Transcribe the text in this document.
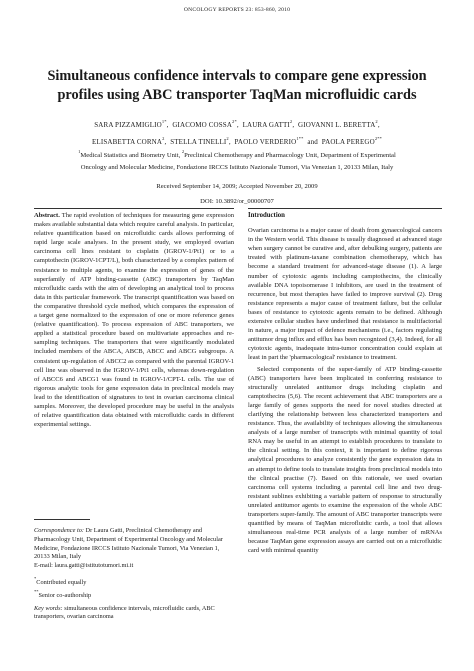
ONCOLOGY REPORTS 23: 853-860, 2010
Simultaneous confidence intervals to compare gene expression
profiles using ABC transporter TaqMan microfluidic cards
SARA $PIZZAMIGLIO^{1*}$,  GIACOMO $COSSA^{2*}$,  LAURA GATTI$^2$,  GIOVANNI L. BERETTA$^2$,
ELISABETTA CORNA$^2$,  STELLA TINELLI$^2$,  PAOLO $VERDERIO^{1**}$ and PAOLA $PEREGO^{2**}$
$^1$Medical Statistics and Biometry Unit, $^2$Preclinical Chemotherapy and Pharmacology Unit, Department of Experimental
Oncology and Molecular Medicine, Fondazione IRCCS Istituto Nazionale Tumori, Via Venezian 1, 20133 Milan, Italy
Received September 14, 2009; Accepted November 20, 2009
DOI: 10.3892/or_00000707

Abstract. The rapid evolution of techniques for measuring gene expression makes available substantial data which require careful analysis. In particular, relative quantification based on microfluidic cards allows performing of rapid large scale analyses. In the present study, we employed ovarian carcinoma cell lines resistant to cisplatin (IGROV-1/Pt1) or to a camptothecin (IGROV-1CPT/L), both characterized by a complex pattern of resistance to multiple agents, to examine the expression of genes of the superfamily of ATP binding-cassette (ABC) transporters by TaqMan microfluidic cards with the aim of developing an analytical tool to process data in this particular framework. The transcript quantification was based on the comparative threshold cycle method, which compares the expression of a target gene normalized to the expression of one or more reference genes (relative quantification). To process expression of ABC transporters, we applied a statistical procedure based on multivariate approaches and re-sampling techniques. The transporters that were significantly modulated included members of the ABCA, ABCB, ABCC and ABCG subgroups. A consistent up-regulation of ABCC2 as compared with the parental IGROV-1 cell line was observed in the IGROV-1/Pt1 cells, whereas down-regulation of ABCC6 and ABCG1 was found in IGROV-1/CPT-L cells. The use of rigorous analytic tools for gene expression data in preclinical models may lead to the identification of signatures to test in ovarian carcinoma clinical samples. Moreover, the developed procedure may be useful in the analysis of relative quantification data obtained with microfluidic cards in different experimental settings.

Correspondence to: Dr Laura Gatti, Preclinical Chemotherapy and Pharmacology Unit, Department of Experimental Oncology and Molecular Medicine, Fondazione IRCCS Istituto Nazionale Tumori, Via Venezian 1, 20133 Milan, Italy
E-mail: laura.gatti@istitutotumori.mi.it

*Contributed equally
**Senior co-authorship

Key words: simultaneous confidence intervals, microfluidic cards, ABC transporters, ovarian carcinoma

Introduction

Ovarian carcinoma is a major cause of death from gynaecological cancers in the Western world. This disease is usually diagnosed at advanced stage when surgery cannot be curative and, after debulking surgery, patients are treated with platinum-taxane combination chemotherapy, which has become a standard treatment for advanced-stage disease (1). A large number of cytotoxic agents including camptothecins, the clinically available DNA topoisomerase I inhibitors, are used in the treatment of recurrence, but most therapies have failed to improve survival (2). Drug resistance represents a major cause of treatment failure, but the cellular bases of resistance to cytotoxic agents remain to be defined. Although extensive cellular studies have underlined that resistance is multifactorial in nature, a major impact of defence mechanisms (i.e., factors regulating antitumor drug influx and efflux has been recognized (3,4). Indeed, for all cytotoxic agents, inadequate intra-tumor concentration could explain at least in part the 'pharmacological' resistance to treatment.

Selected components of the super-family of ATP binding-cassette (ABC) transporters have been implicated in conferring resistance to structurally unrelated antitumor drugs including cisplatin and camptothecins (5,6). The recent achievement that ABC transporters are a large family of genes supports the need for novel studies directed at clarifying the relationship between less characterized transporters and resistance. Thus, the availability of techniques allowing the simultaneous analysis of a large number of transcripts with minimal quantity of total RNA may be useful in an attempt to establish procedures to translate to the clinical setting. In this context, it is important to define rigorous analytical procedures to analyze consistently the gene expression data in an attempt to define tools to translate insights from preclinical models into the clinical practise (7). Based on this rationale, we used ovarian carcinoma cell systems including a parental cell line and two drug-resistant sublines exhibiting a variable pattern of response to structurally unrelated antitumor agents to examine the expression of the whole ABC transporters super-family. The amount of ABC transporter transcripts were quantified by means of TaqMan microfluidic cards, a tool that allows simultaneous real-time PCR analysis of a large number of mRNAs because TaqMan gene expression assays are carried out on a microfluidic card with minimal quantity
